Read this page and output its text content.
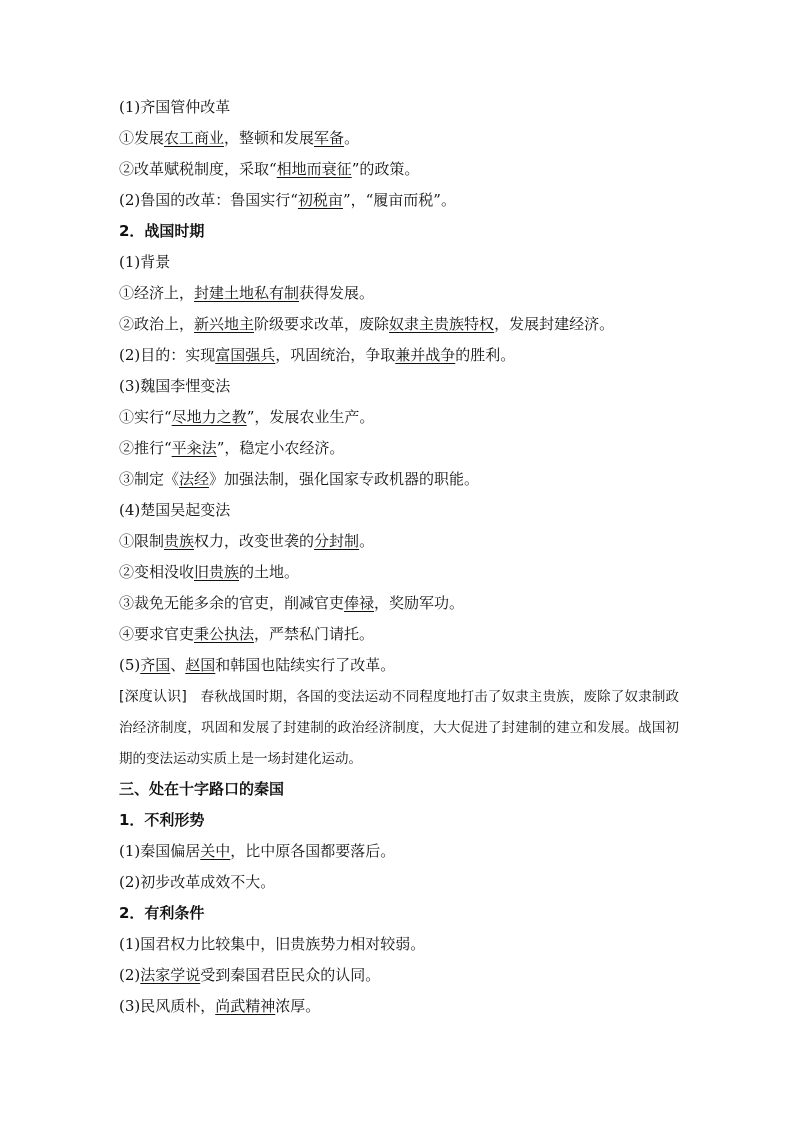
(1)齐国管仲改革
①发展农工商业，整顿和发展军备。
②改革赋税制度，采取“相地而衰征”的政策。
(2)鲁国的改革：鲁国实行“初税亩”，“履亩而税”。
2．战国时期
(1)背景
①经济上，封建土地私有制获得发展。
②政治上，新兴地主阶级要求改革，废除奴隶主贵族特权，发展封建经济。
(2)目的：实现富国强兵，巩固统治，争取兼并战争的胜利。
(3)魏国李悝变法
①实行“尽地力之教”，发展农业生产。
②推行“平籴法”，稳定小农经济。
③制定《法经》加强法制，强化国家专政机器的职能。
(4)楚国吴起变法
①限制贵族权力，改变世袭的分封制。
②变相没收旧贵族的土地。
③裁免无能多余的官吏，削减官吏俸禄，奖励军功。
④要求官吏秉公执法，严禁私门请托。
(5)齐国、赵国和韩国也陆续实行了改革。
[深度认识]　 春秋战国时期，各国的变法运动不同程度地打击了奴隶主贵族，废除了奴隶制政治经济制度，巩固和发展了封建制的政治经济制度，大大促进了封建制的建立和发展。战国初期的变法运动实质上是一场封建化运动。
三、处在十字路口的秦国
1．不利形势
(1)秦国偏居关中，比中原各国都要落后。
(2)初步改革成效不大。
2．有利条件
(1)国君权力比较集中，旧贵族势力相对较弱。
(2)法家学说受到秦国君臣民众的认同。
(3)民风质朴，尚武精神浓厚。
